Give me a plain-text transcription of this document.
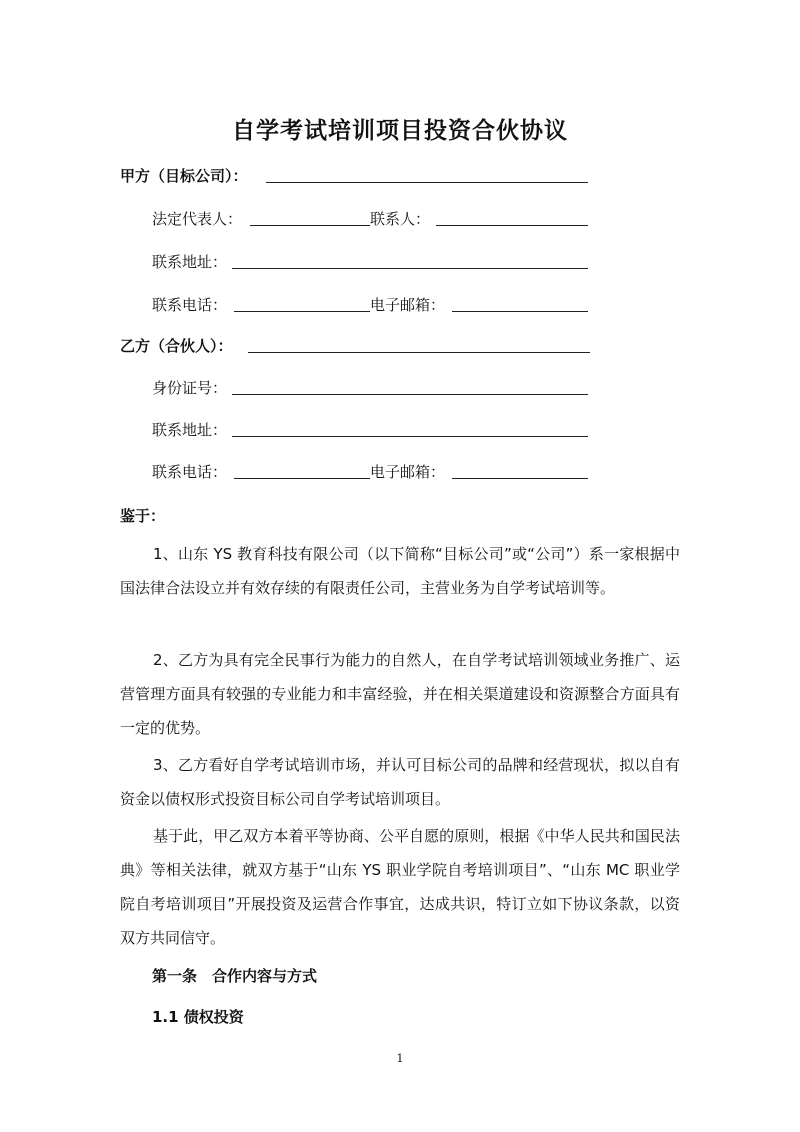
自学考试培训项目投资合伙协议
甲方（目标公司）：
法定代表人：	联系人：
联系地址：
联系电话：	电子邮箱：
乙方（合伙人）：
身份证号：
联系地址：
联系电话：	电子邮箱：
鉴于：
1、山东 YS 教育科技有限公司（以下简称“目标公司”或“公司”）系一家根据中国法律合法设立并有效存续的有限责任公司，主营业务为自学考试培训等。
2、乙方为具有完全民事行为能力的自然人，在自学考试培训领域业务推广、运营管理方面具有较强的专业能力和丰富经验，并在相关渠道建设和资源整合方面具有一定的优势。
3、乙方看好自学考试培训市场，并认可目标公司的品牌和经营现状，拟以自有资金以债权形式投资目标公司自学考试培训项目。
基于此，甲乙双方本着平等协商、公平自愿的原则，根据《中华人民共和国民法典》等相关法律，就双方基于“山东 YS 职业学院自考培训项目”、“山东 MC 职业学院自考培训项目”开展投资及运营合作事宜，达成共识，特订立如下协议条款，以资双方共同信守。
第一条　合作内容与方式
1.1 债权投资
1
